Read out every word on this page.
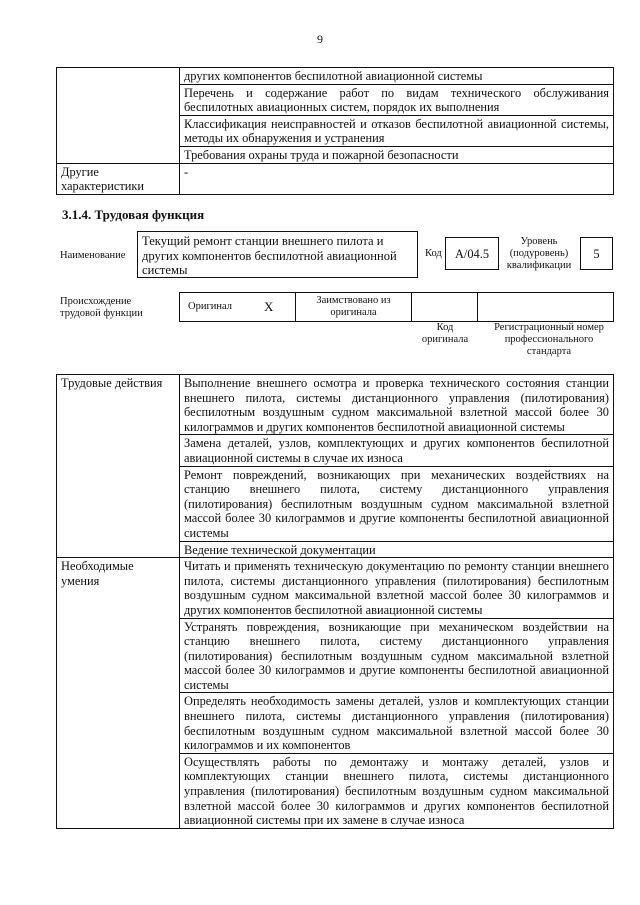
9
	других компонентов беспилотной авиационной системы
	Перечень и содержание работ по видам технического обслуживания беспилотных авиационных систем, порядок их выполнения
	Классификация неисправностей и отказов беспилотной авиационной системы, методы их обнаружения и устранения
	Требования охраны труда и пожарной безопасности
Другие характеристики	-
3.1.4. Трудовая функция
Наименование
Текущий ремонт станции внешнего пилота и других компонентов беспилотной авиационной системы
Код	А/04.5
Уровень (подуровень) квалификации
5
Происхождение трудовой функции
Оригинал X	Заимствовано из оригинала
Код оригинала
Регистрационный номер профессионального стандарта
Трудовые действия	Выполнение внешнего осмотра и проверка технического состояния станции внешнего пилота, системы дистанционного управления (пилотирования) беспилотным воздушным судном максимальной взлетной массой более 30 килограммов и других компонентов беспилотной авиационной системы
	Замена деталей, узлов, комплектующих и других компонентов беспилотной авиационной системы в случае их износа
	Ремонт повреждений, возникающих при механических воздействиях на станцию внешнего пилота, систему дистанционного управления (пилотирования) беспилотным воздушным судном максимальной взлетной массой более 30 килограммов и другие компоненты беспилотной авиационной системы
	Ведение технической документации
Необходимые умения	Читать и применять техническую документацию по ремонту станции внешнего пилота, системы дистанционного управления (пилотирования) беспилотным воздушным судном максимальной взлетной массой более 30 килограммов и других компонентов беспилотной авиационной системы
	Устранять повреждения, возникающие при механическом воздействии на станцию внешнего пилота, систему дистанционного управления (пилотирования) беспилотным воздушным судном максимальной взлетной массой более 30 килограммов и другие компоненты беспилотной авиационной системы
	Определять необходимость замены деталей, узлов и комплектующих станции внешнего пилота, системы дистанционного управления (пилотирования) беспилотным воздушным судном максимальной взлетной массой более 30 килограммов и их компонентов
	Осуществлять работы по демонтажу и монтажу деталей, узлов и комплектующих станции внешнего пилота, системы дистанционного управления (пилотирования) беспилотным воздушным судном максимальной взлетной массой более 30 килограммов и других компонентов беспилотной авиационной системы при их замене в случае износа
